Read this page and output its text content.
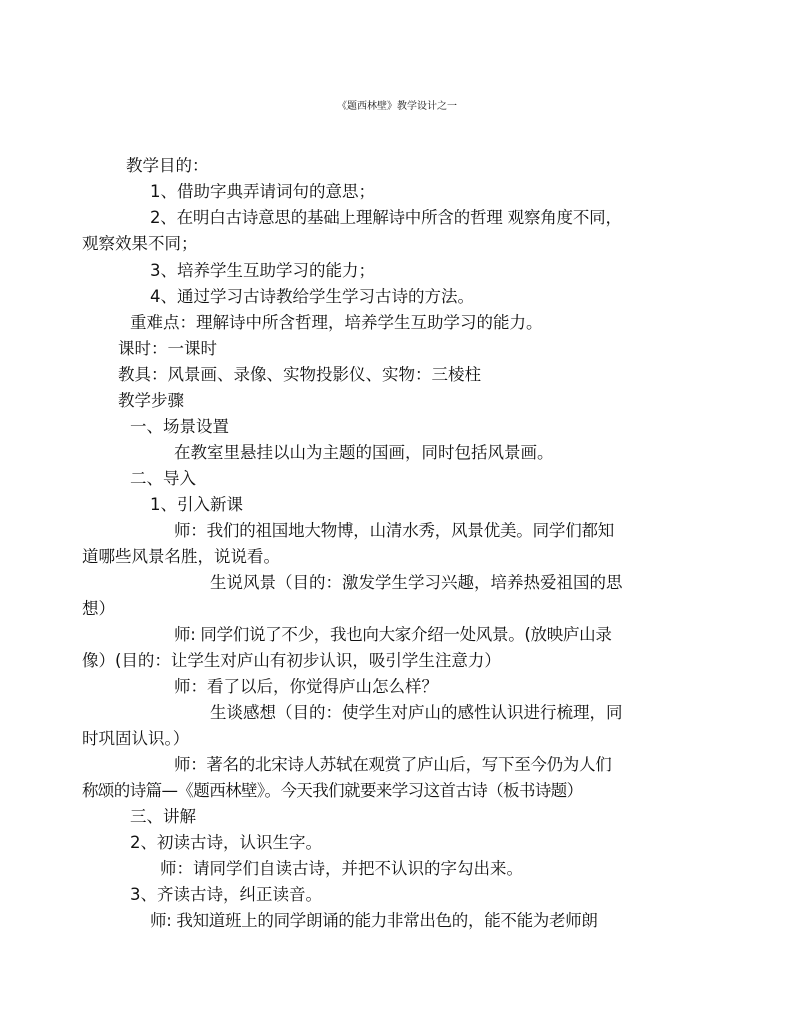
《题西林壁》教学设计之一
教学目的：
1、借助字典弄请词句的意思；
2、在明白古诗意思的基础上理解诗中所含的哲理 观察角度不同，
观察效果不同；
3、培养学生互助学习的能力；
4、通过学习古诗教给学生学习古诗的方法。
重难点：理解诗中所含哲理，培养学生互助学习的能力。
课时：一课时
教具：风景画、录像、实物投影仪、实物：三棱柱
教学步骤
一、场景设置
在教室里悬挂以山为主题的国画，同时包括风景画。
二、导入
1、引入新课
师：我们的祖国地大物博，山清水秀，风景优美。同学们都知
道哪些风景名胜，说说看。
生说风景（目的：激发学生学习兴趣，培养热爱祖国的思
想）
师: 同学们说了不少，我也向大家介绍一处风景。(放映庐山录
像）(目的：让学生对庐山有初步认识，吸引学生注意力）
师：看了以后，你觉得庐山怎么样？
生谈感想（目的：使学生对庐山的感性认识进行梳理，同
时巩固认识。）
师：著名的北宋诗人苏轼在观赏了庐山后，写下至今仍为人们
称颂的诗篇—《题西林壁》。今天我们就要来学习这首古诗（板书诗题）
三、讲解
2、初读古诗，认识生字。
师：请同学们自读古诗，并把不认识的字勾出来。
3、齐读古诗，纠正读音。
师: 我知道班上的同学朗诵的能力非常出色的，能不能为老师朗
